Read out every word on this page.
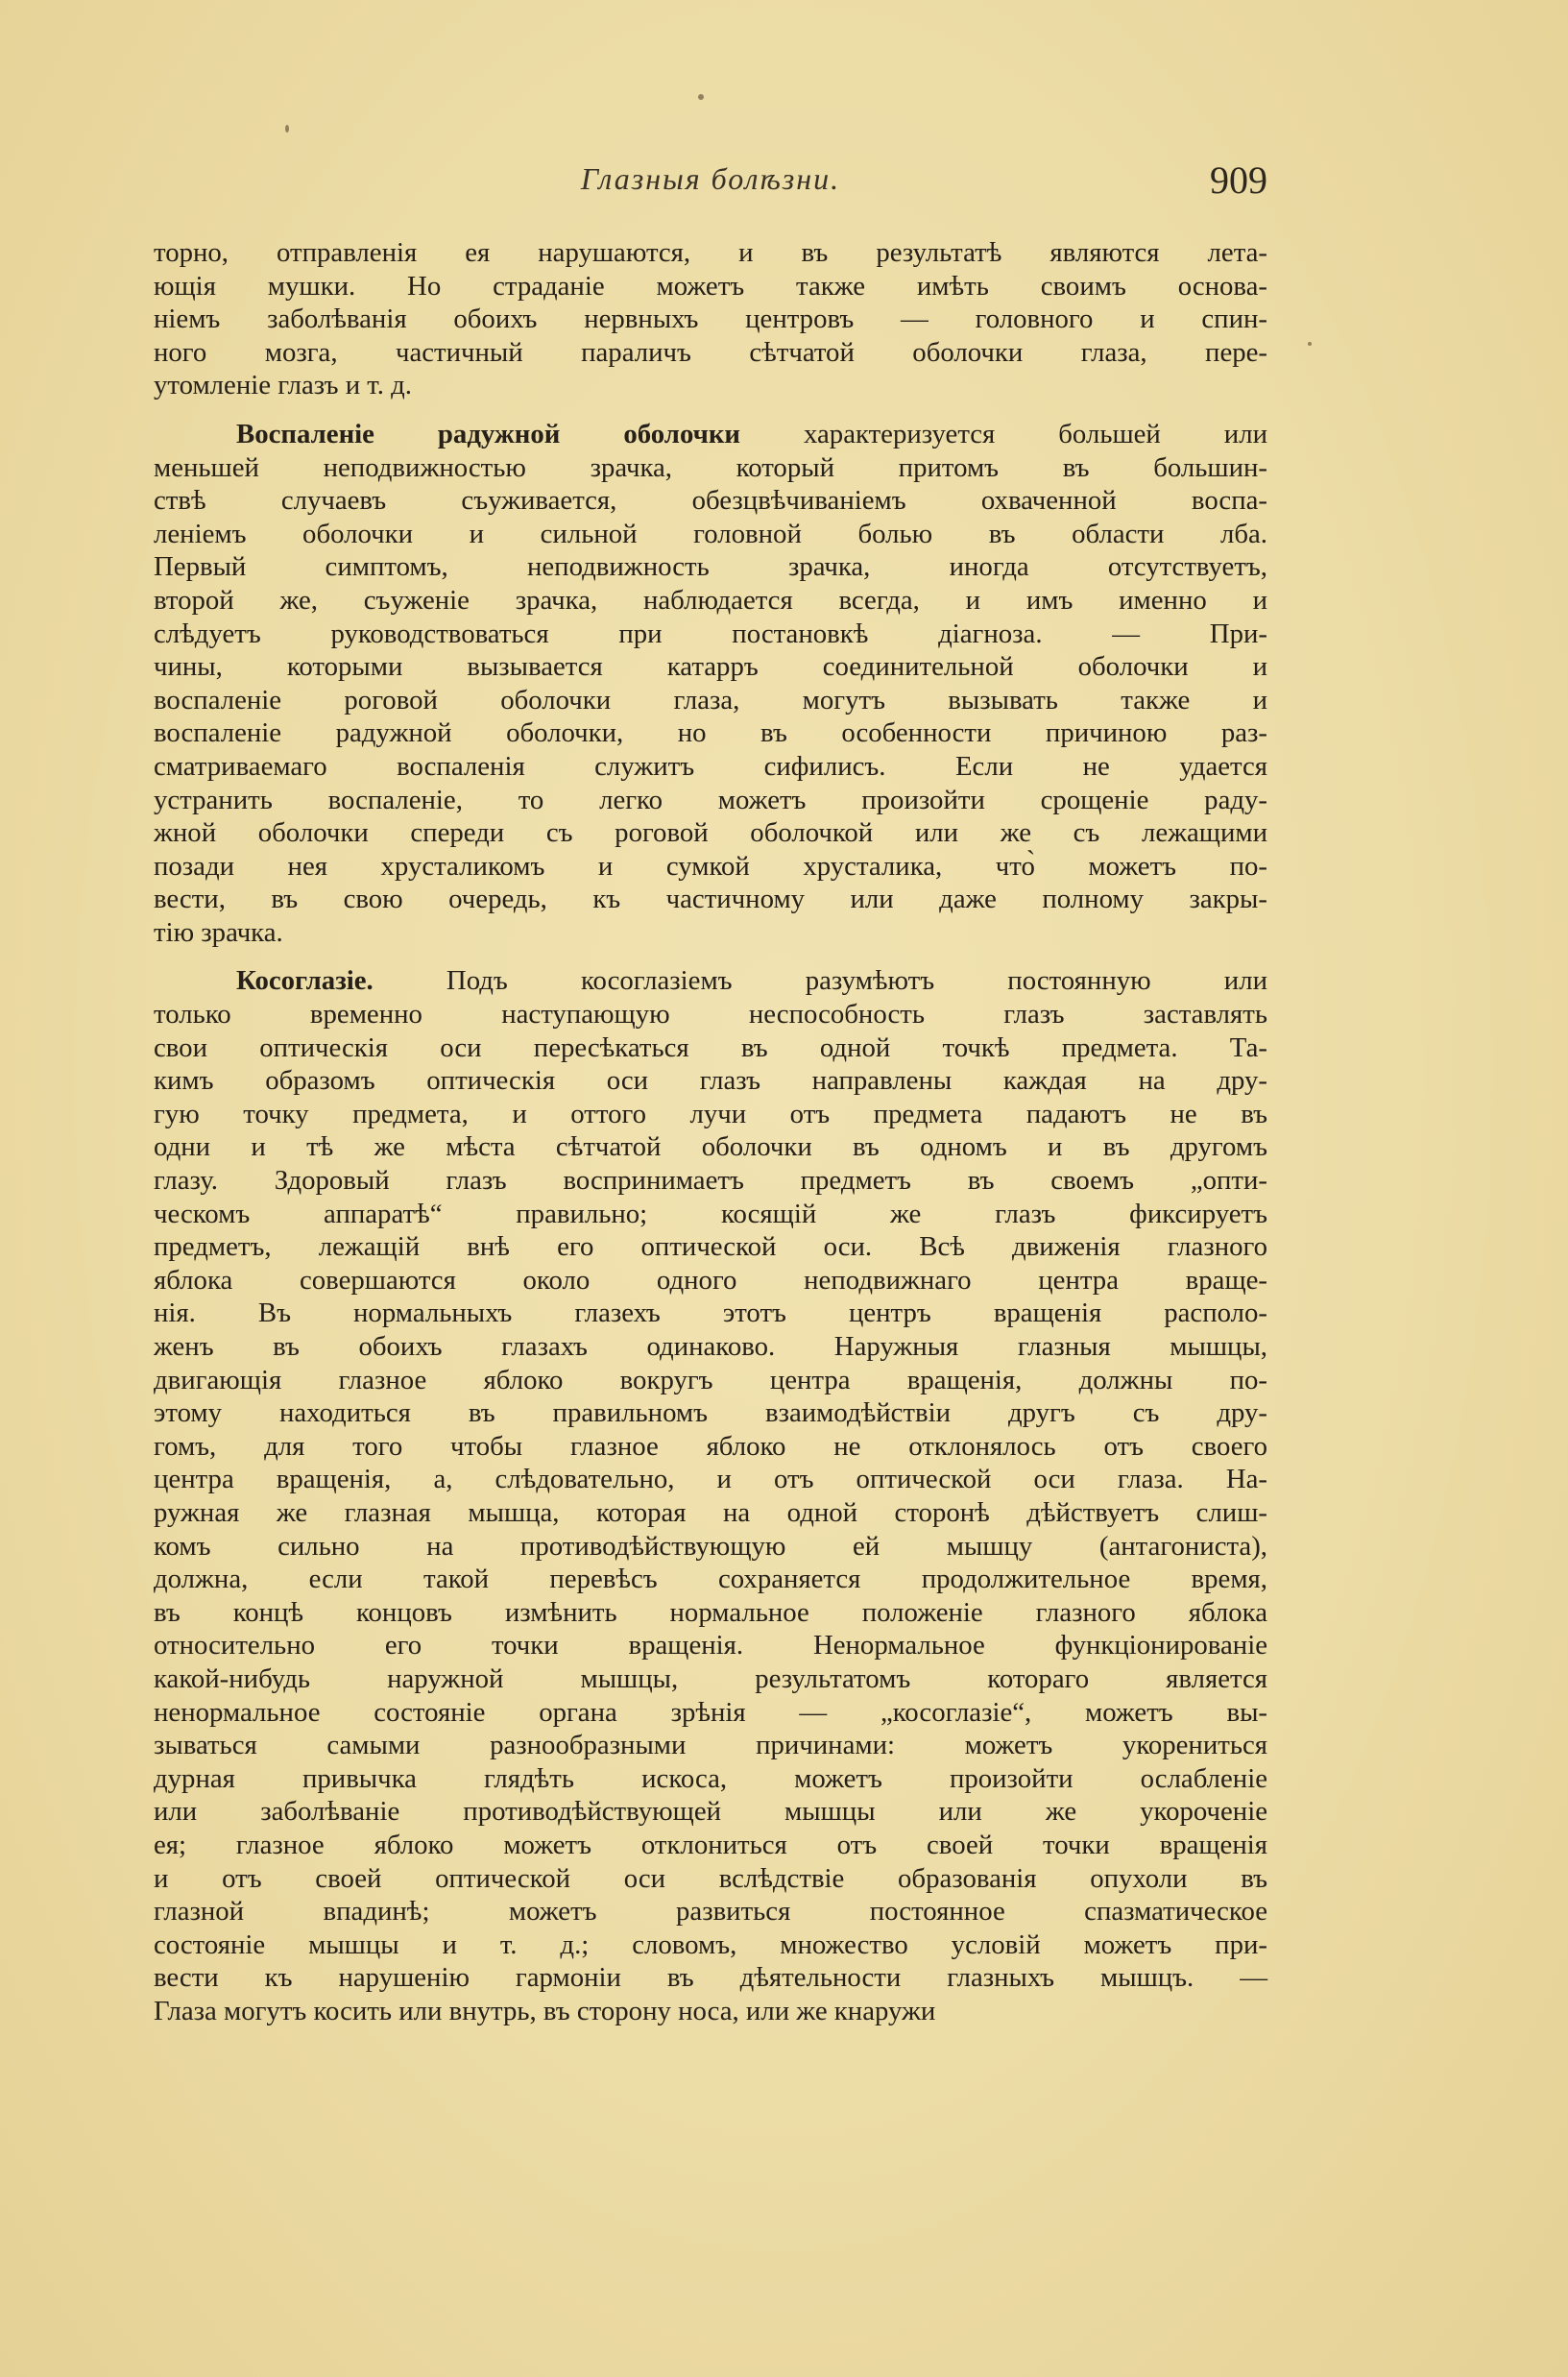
Глазныя болѣзни.	909
торно, отправленія ея нарушаются, и въ результатѣ являются лета-
ющія мушки. Но страданіе можетъ также имѣть своимъ основа-
ніемъ заболѣванія обоихъ нервныхъ центровъ — головного и спин-
ного мозга, частичный параличъ сѣтчатой оболочки глаза, пере-
утомленіе глазъ и т. д.
Воспаленіе радужной оболочки характеризуется большей или
меньшей неподвижностью зрачка, который притомъ въ большин-
ствѣ случаевъ съуживается, обезцвѣчиваніемъ охваченной воспа-
леніемъ оболочки и сильной головной болью въ области лба.
Первый симптомъ, неподвижность зрачка, иногда отсутствуетъ,
второй же, съуженіе зрачка, наблюдается всегда, и имъ именно и
слѣдуетъ руководствоваться при постановкѣ діагноза. — При-
чины, которыми вызывается катарръ соединительной оболочки и
воспаленіе роговой оболочки глаза, могутъ вызывать также и
воспаленіе радужной оболочки, но въ особенности причиною раз-
сматриваемаго воспаленія служитъ сифилисъ. Если не удается
устранить воспаленіе, то легко можетъ произойти срощеніе раду-
жной оболочки спереди съ роговой оболочкой или же съ лежащими
позади нея хрусталикомъ и сумкой хрусталика, что̀ можетъ по-
вести, въ свою очередь, къ частичному или даже полному закры-
тію зрачка.
Косоглазіе. Подъ косоглазіемъ разумѣютъ постоянную или
только временно наступающую неспособность глазъ заставлять
свои оптическія оси пересѣкаться въ одной точкѣ предмета. Та-
кимъ образомъ оптическія оси глазъ направлены каждая на дру-
гую точку предмета, и оттого лучи отъ предмета падаютъ не въ
одни и тѣ же мѣста сѣтчатой оболочки въ одномъ и въ другомъ
глазу. Здоровый глазъ воспринимаетъ предметъ въ своемъ „опти-
ческомъ аппаратѣ“ правильно; косящій же глазъ фиксируетъ
предметъ, лежащій внѣ его оптической оси. Всѣ движенія глазного
яблока совершаются около одного неподвижнаго центра враще-
нія. Въ нормальныхъ глазехъ этотъ центръ вращенія располо-
женъ въ обоихъ глазахъ одинаково. Наружныя глазныя мышцы,
двигающія глазное яблоко вокругъ центра вращенія, должны по-
этому находиться въ правильномъ взаимодѣйствіи другъ съ дру-
гомъ, для того чтобы глазное яблоко не отклонялось отъ своего
центра вращенія, а, слѣдовательно, и отъ оптической оси глаза. На-
ружная же глазная мышца, которая на одной сторонѣ дѣйствуетъ слиш-
комъ сильно на противодѣйствующую ей мышцу (антагониста),
должна, если такой перевѣсъ сохраняется продолжительное время,
въ концѣ концовъ измѣнить нормальное положеніе глазного яблока
относительно его точки вращенія. Ненормальное функціонированіе
какой-нибудь наружной мышцы, результатомъ котораго является
ненормальное состояніе органа зрѣнія — „косоглазіе“, можетъ вы-
зываться самыми разнообразными причинами: можетъ укорениться
дурная привычка глядѣть искоса, можетъ произойти ослабленіе
или заболѣваніе противодѣйствующей мышцы или же укороченіе
ея; глазное яблоко можетъ отклониться отъ своей точки вращенія
и отъ своей оптической оси вслѣдствіе образованія опухоли въ
глазной впадинѣ; можетъ развиться постоянное спазматическое
состояніе мышцы и т. д.; словомъ, множество условій можетъ при-
вести къ нарушенію гармоніи въ дѣятельности глазныхъ мышцъ. —
Глаза могутъ косить или внутрь, въ сторону носа, или же кнаружи
